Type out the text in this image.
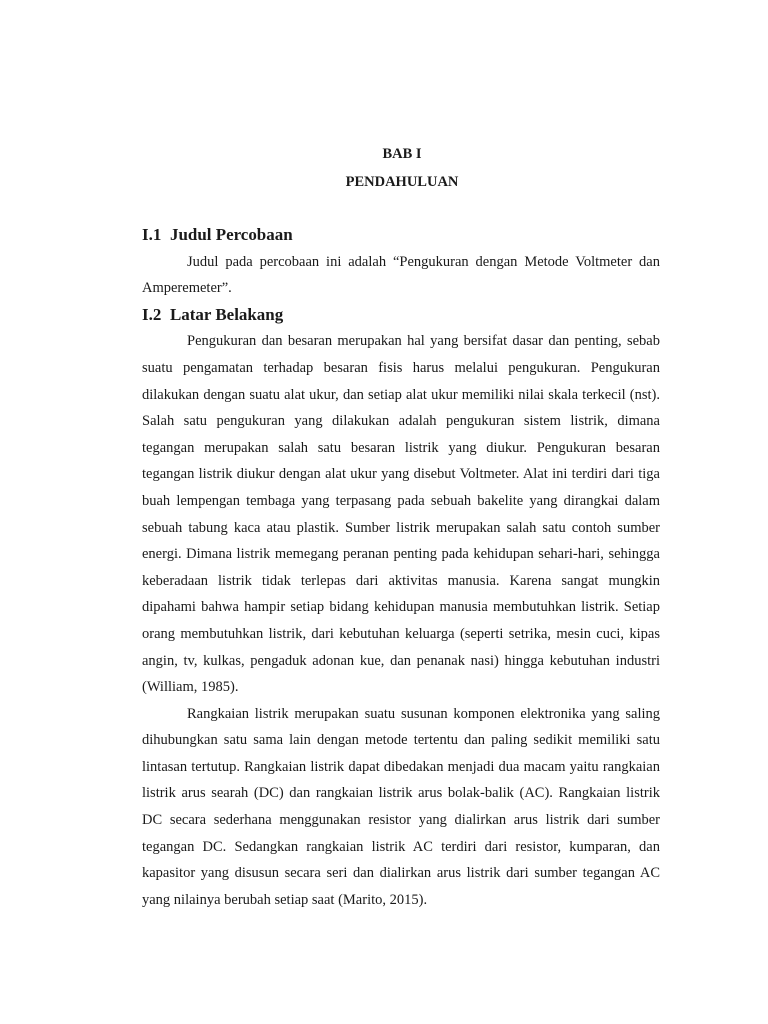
BAB I
PENDAHULUAN
I.1 Judul Percobaan

Judul pada percobaan ini adalah “Pengukuran dengan Metode Voltmeter dan Amperemeter”.

I.2 Latar Belakang

Pengukuran dan besaran merupakan hal yang bersifat dasar dan penting, sebab suatu pengamatan terhadap besaran fisis harus melalui pengukuran. Pengukuran dilakukan dengan suatu alat ukur, dan setiap alat ukur memiliki nilai skala terkecil (nst). Salah satu pengukuran yang dilakukan adalah pengukuran sistem listrik, dimana tegangan merupakan salah satu besaran listrik yang diukur. Pengukuran besaran tegangan listrik diukur dengan alat ukur yang disebut Voltmeter. Alat ini terdiri dari tiga buah lempengan tembaga yang terpasang pada sebuah bakelite yang dirangkai dalam sebuah tabung kaca atau plastik. Sumber listrik merupakan salah satu contoh sumber energi. Dimana listrik memegang peranan penting pada kehidupan sehari-hari, sehingga keberadaan listrik tidak terlepas dari aktivitas manusia. Karena sangat mungkin dipahami bahwa hampir setiap bidang kehidupan manusia membutuhkan listrik. Setiap orang membutuhkan listrik, dari kebutuhan keluarga (seperti setrika, mesin cuci, kipas angin, tv, kulkas, pengaduk adonan kue, dan penanak nasi) hingga kebutuhan industri (William, 1985).

Rangkaian listrik merupakan suatu susunan komponen elektronika yang saling dihubungkan satu sama lain dengan metode tertentu dan paling sedikit memiliki satu lintasan tertutup. Rangkaian listrik dapat dibedakan menjadi dua macam yaitu rangkaian listrik arus searah (DC) dan rangkaian listrik arus bolak-balik (AC). Rangkaian listrik DC secara sederhana menggunakan resistor yang dialirkan arus listrik dari sumber tegangan DC. Sedangkan rangkaian listrik AC terdiri dari resistor, kumparan, dan kapasitor yang disusun secara seri dan dialirkan arus listrik dari sumber tegangan AC yang nilainya berubah setiap saat (Marito, 2015).
